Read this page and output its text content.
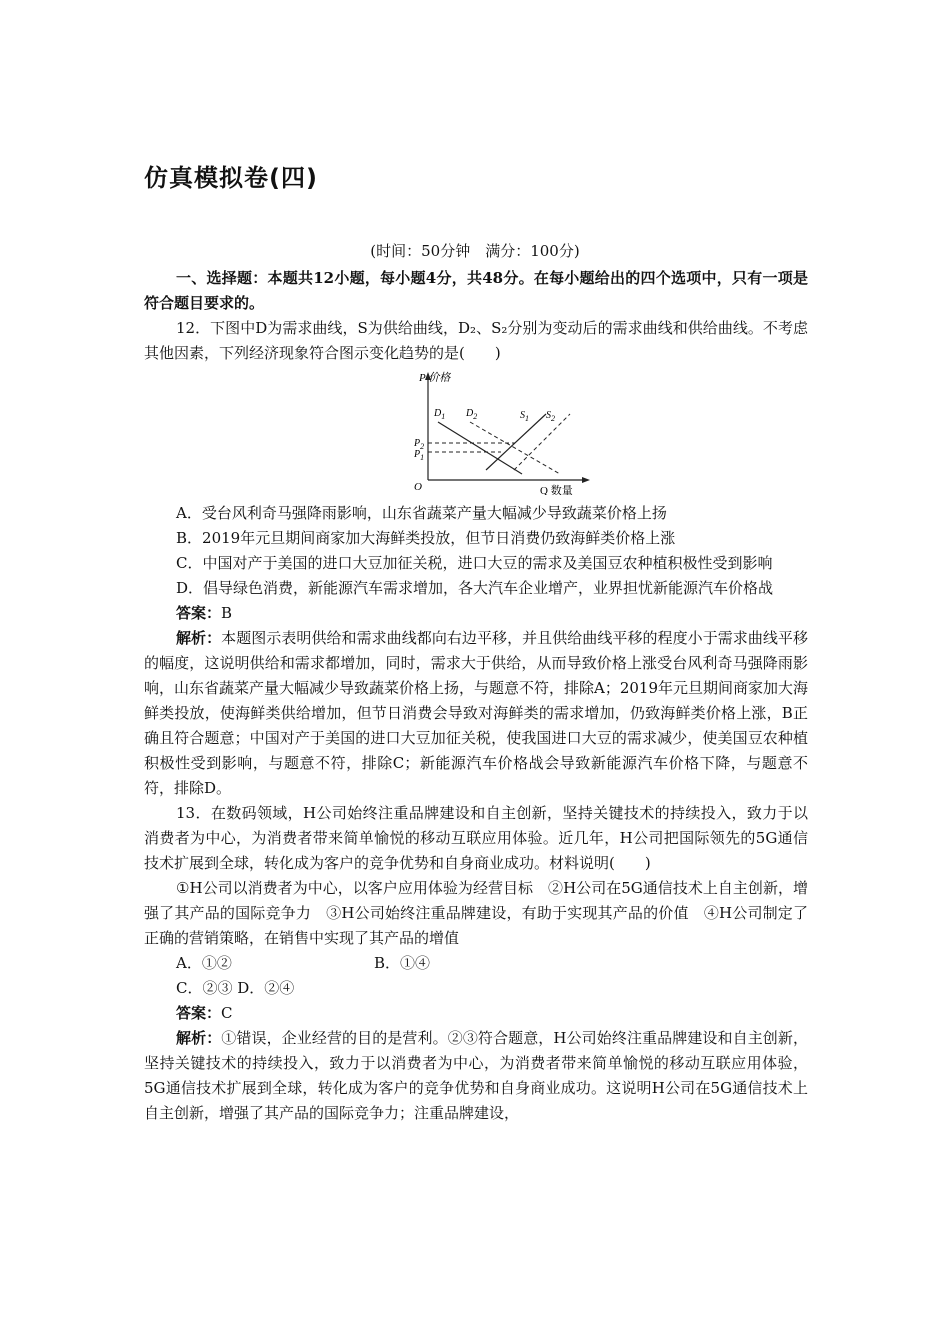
仿真模拟卷(四)
(时间：50分钟　满分：100分)

一、选择题：本题共12小题，每小题4分，共48分。在每小题给出的四个选项中，只有一项是符合题目要求的。

12．下图中D为需求曲线，S为供给曲线，D₂、S₂分别为变动后的需求曲线和供给曲线。不考虑其他因素，下列经济现象符合图示变化趋势的是(　　)

P 价格
Q 数量
O
$P_2$
$P_1$
$D_1$ $D_2$	$S_1$ $S_2$

A．受台风利奇马强降雨影响，山东省蔬菜产量大幅减少导致蔬菜价格上扬

B．2019年元旦期间商家加大海鲜类投放，但节日消费仍致海鲜类价格上涨

C．中国对产于美国的进口大豆加征关税，进口大豆的需求及美国豆农种植积极性受到影响

D．倡导绿色消费，新能源汽车需求增加，各大汽车企业增产，业界担忧新能源汽车价格战

答案：B

解析：本题图示表明供给和需求曲线都向右边平移，并且供给曲线平移的程度小于需求曲线平移的幅度，这说明供给和需求都增加，同时，需求大于供给，从而导致价格上涨受台风利奇马强降雨影响，山东省蔬菜产量大幅减少导致蔬菜价格上扬，与题意不符，排除A；2019年元旦期间商家加大海鲜类投放，使海鲜类供给增加，但节日消费会导致对海鲜类的需求增加，仍致海鲜类价格上涨，B正确且符合题意；中国对产于美国的进口大豆加征关税，使我国进口大豆的需求减少，使美国豆农种植积极性受到影响，与题意不符，排除C；新能源汽车价格战会导致新能源汽车价格下降，与题意不符，排除D。

13．在数码领域，H公司始终注重品牌建设和自主创新，坚持关键技术的持续投入，致力于以消费者为中心，为消费者带来简单愉悦的移动互联应用体验。近几年，H公司把国际领先的5G通信技术扩展到全球，转化成为客户的竞争优势和自身商业成功。材料说明(　　)

①H公司以消费者为中心，以客户应用体验为经营目标　②H公司在5G通信技术上自主创新，增强了其产品的国际竞争力　③H公司始终注重品牌建设，有助于实现其产品的价值　④H公司制定了正确的营销策略，在销售中实现了其产品的增值

A．①②	B．①④

C．②③ D．②④

答案：C

解析：①错误，企业经营的目的是营利。②③符合题意，H公司始终注重品牌建设和自主创新，坚持关键技术的持续投入，致力于以消费者为中心，为消费者带来简单愉悦的移动互联应用体验，5G通信技术扩展到全球，转化成为客户的竞争优势和自身商业成功。这说明H公司在5G通信技术上自主创新，增强了其产品的国际竞争力；注重品牌建设，
